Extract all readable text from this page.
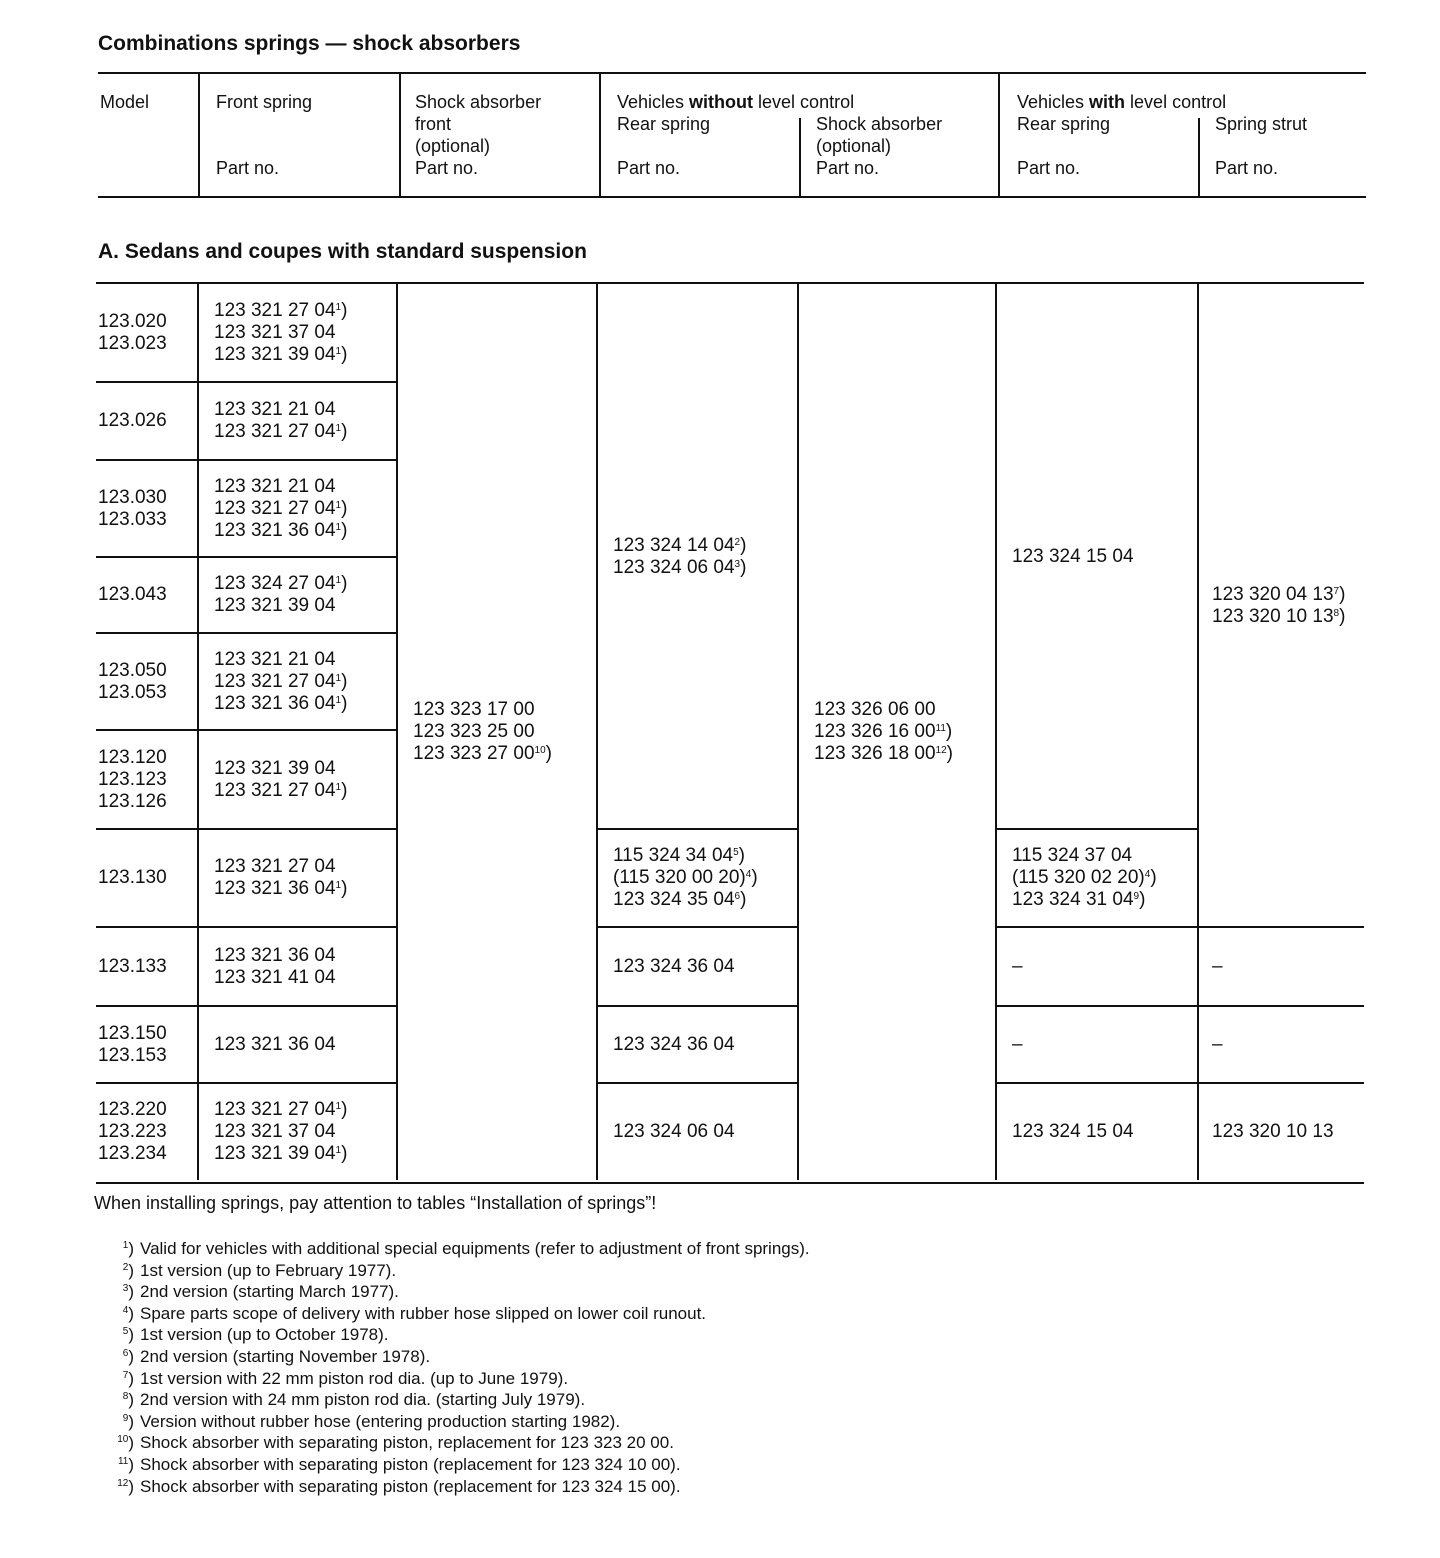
Combinations springs — shock absorbers
Model	Front spring
Part no.
Shock absorber
front
(optional)
Part no.
Vehicles without level control
Rear spring
Part no.
Shock absorber
(optional)
Part no.
Vehicles with level control
Rear spring
Part no.
Spring strut
Part no.
A. Sedans and coupes with standard suspension
123.020
123.023
123 321 27 $04^1$)
123 321 37 04
123 321 39 $04^1$)
123.026
123 321 21 04
123 321 27 $04^1$)
123.030
123.033
123 321 21 04
123 321 27 $04^1$)
123 321 36 $04^1$)
123.043
123 324 27 $04^1$)
123 321 39 04
123.050
123.053
123 321 21 04
123 321 27 $04^1$)
123 321 36 $04^1$)
123.120
123.123
123.126
123 321 39 04
123 321 27 $04^1$)
123.130
123 321 27 04
123 321 36 $04^1$)
123.133
123 321 36 04
123 321 41 04
123.150
123.153
123 321 36 04
123.220
123.223
123.234
123 321 27 $04^1$)
123 321 37 04
123 321 39 $04^1$)
123 323 17 00
123 323 25 00
123 323 27 $00^{10}$)
123 324 14 $04^2$)
123 324 06 $04^3$)
115 324 34 $04^5$)
(115 320 00 20)$^4$)
123 324 35 $04^6$)
123 324 36 04
123 324 36 04
123 324 06 04
123 326 06 00
123 326 16 $00^{11}$)
123 326 18 $00^{12}$)
123 324 15 04
115 324 37 04
(115 320 02 20)$^4$)
123 324 31 $04^9$)
–
–
123 324 15 04
123 320 04 $13^7$)
123 320 10 $13^8$)
–
–
123 320 10 13
When installing springs, pay attention to tables “Installation of springs”!
$^1$) Valid for vehicles with additional special equipments (refer to adjustment of front springs).
$^2$) 1st version (up to February 1977).
$^3$) 2nd version (starting March 1977).
$^4$) Spare parts scope of delivery with rubber hose slipped on lower coil runout.
$^5$) 1st version (up to October 1978).
$^6$) 2nd version (starting November 1978).
$^7$) 1st version with 22 mm piston rod dia. (up to June 1979).
$^8$) 2nd version with 24 mm piston rod dia. (starting July 1979).
$^9$) Version without rubber hose (entering production starting 1982).
$^{10}$) Shock absorber with separating piston, replacement for 123 323 20 00.
$^{11}$) Shock absorber with separating piston (replacement for 123 324 10 00).
$^{12}$) Shock absorber with separating piston (replacement for 123 324 15 00).
